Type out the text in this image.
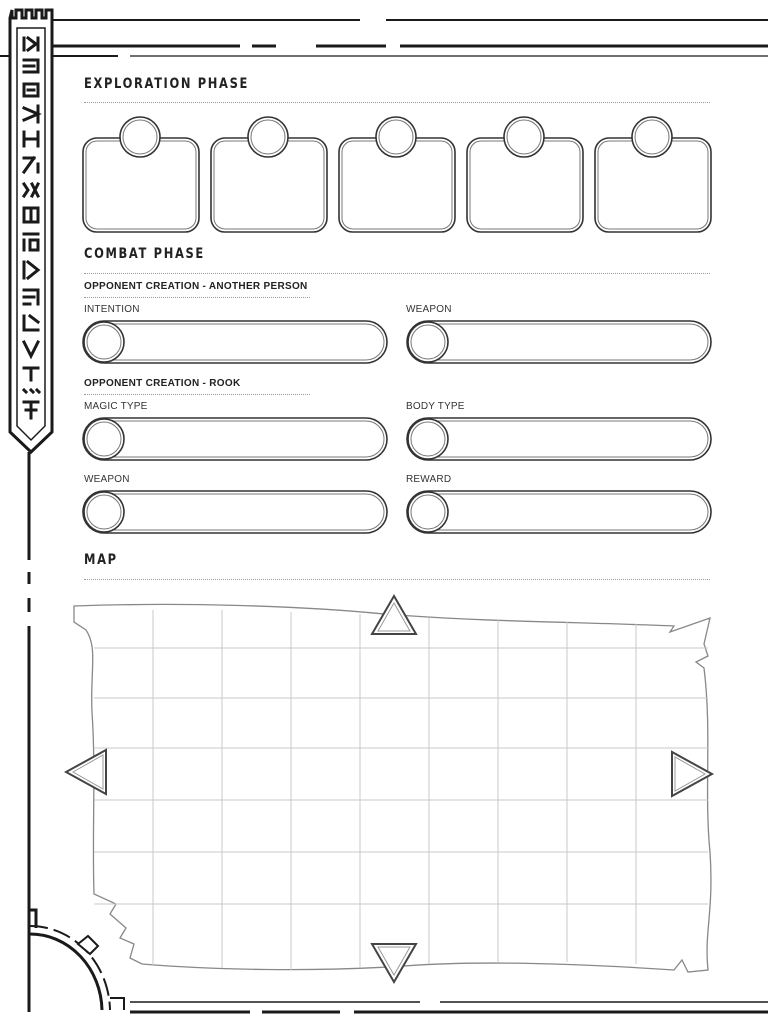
EXPLORATION PHASE
COMBAT PHASE
OPPONENT CREATION - ANOTHER PERSON
INTENTION	WEAPON
OPPONENT CREATION - ROOK
MAGIC TYPE	BODY TYPE
WEAPON	REWARD
MAP
